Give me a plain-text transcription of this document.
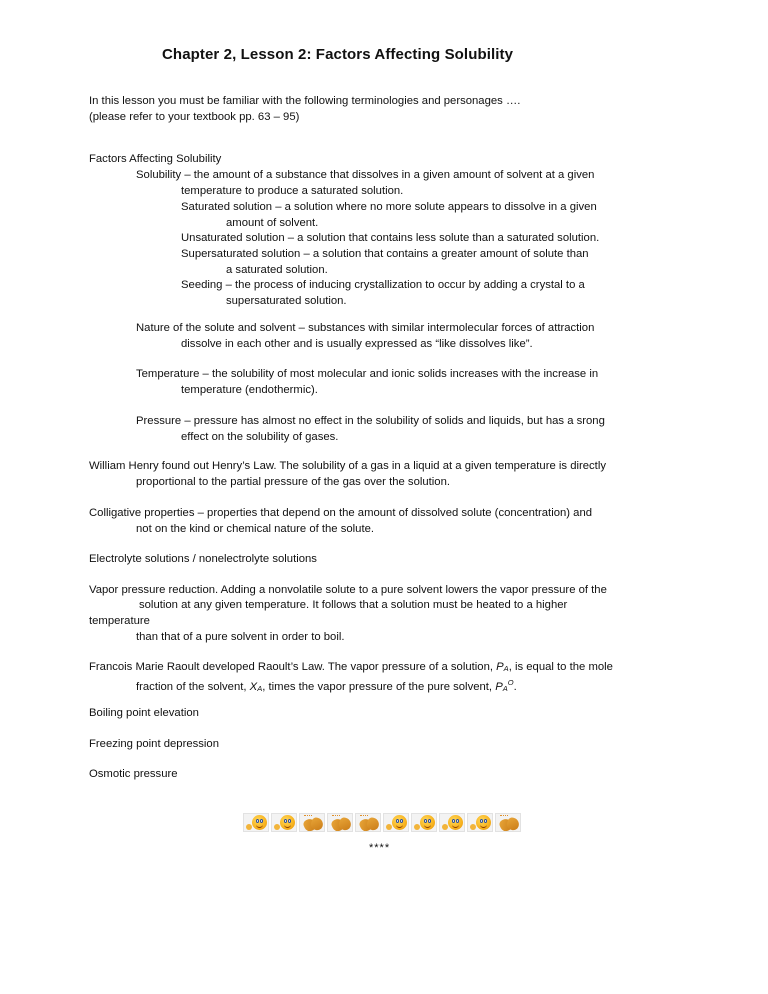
Chapter 2, Lesson 2: Factors Affecting Solubility
In this lesson you must be familiar with the following terminologies and personages ….
(please refer to your textbook pp. 63 – 95)
Factors Affecting Solubility
Solubility – the amount of a substance that dissolves in a given amount of solvent at a given
temperature to produce a saturated solution.
Saturated solution – a solution where no more solute appears to dissolve in a given
amount of solvent.
Unsaturated solution – a solution that contains less solute than a saturated solution.
Supersaturated solution – a solution that contains a greater amount of solute than
a saturated solution.
Seeding – the process of inducing crystallization to occur by adding a crystal to a
supersaturated solution.
Nature of the solute and solvent – substances with similar intermolecular forces of attraction
dissolve in each other and is usually expressed as “like dissolves like”.
Temperature – the solubility of most molecular and ionic solids increases with the increase in
temperature (endothermic).
Pressure – pressure has almost no effect in the solubility of solids and liquids, but has a srong
effect on the solubility of gases.
William Henry found out Henry’s Law. The solubility of a gas in a liquid at a given temperature is directly
proportional to the partial pressure of the gas over the solution.
Colligative properties – properties that depend on the amount of dissolved solute (concentration) and
not on the kind or chemical nature of the solute.
Electrolyte solutions / nonelectrolyte solutions
Vapor pressure reduction. Adding a nonvolatile solute to a pure solvent lowers the vapor pressure of the
solution at any given temperature. It follows that a solution must be heated to a higher
temperature
than that of a pure solvent in order to boil.
Francois Marie Raoult developed Raoult’s Law. The vapor pressure of a solution, PA, is equal to the mole
fraction of the solvent, XA, times the vapor pressure of the pure solvent, $PA^O$.
Boiling point elevation
Freezing point depression
Osmotic pressure
****
